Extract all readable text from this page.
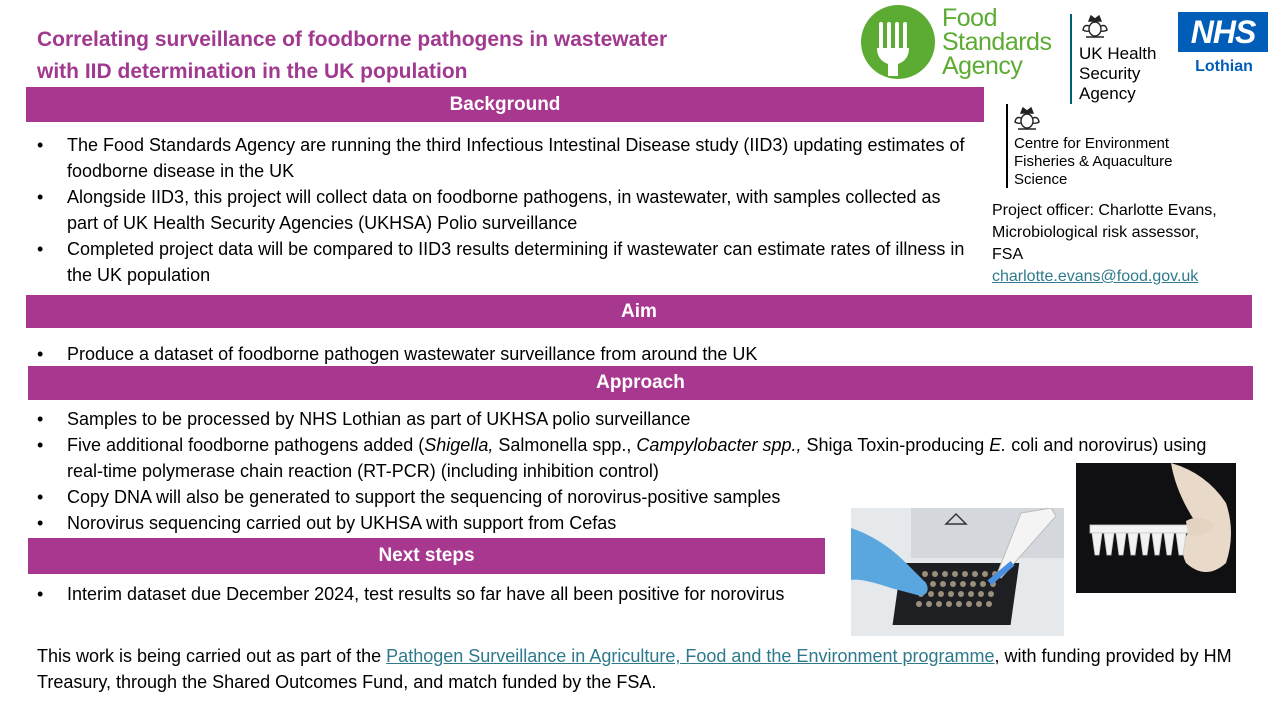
Correlating surveillance of foodborne pathogens in wastewater
with IID determination in the UK population
Food
Standards
Agency	UK Health
Security
Agency
NHS
Lothian
Centre for Environment
Fisheries & Aquaculture
Science
Project officer: Charlotte Evans,
Microbiological risk assessor,
FSA
charlotte.evans@food.gov.uk
Background
• The Food Standards Agency are running the third Infectious Intestinal Disease study (IID3) updating estimates of foodborne disease in the UK
• Alongside IID3, this project will collect data on foodborne pathogens, in wastewater, with samples collected as part of UK Health Security Agencies (UKHSA) Polio surveillance
• Completed project data will be compared to IID3 results determining if wastewater can estimate rates of illness in the UK population
Aim
• Produce a dataset of foodborne pathogen wastewater surveillance from around the UK
Approach
• Samples to be processed by NHS Lothian as part of UKHSA polio surveillance
• Five additional foodborne pathogens added (Shigella, Salmonella spp., Campylobacter spp., Shiga Toxin-producing E. coli and norovirus) using real-time polymerase chain reaction (RT-PCR) (including inhibition control)
• Copy DNA will also be generated to support the sequencing of norovirus-positive samples
• Norovirus sequencing carried out by UKHSA with support from Cefas
Next steps
• Interim dataset due December 2024, test results so far have all been positive for norovirus
This work is being carried out as part of the Pathogen Surveillance in Agriculture, Food and the Environment programme, with funding provided by HM Treasury, through the Shared Outcomes Fund, and match funded by the FSA.
